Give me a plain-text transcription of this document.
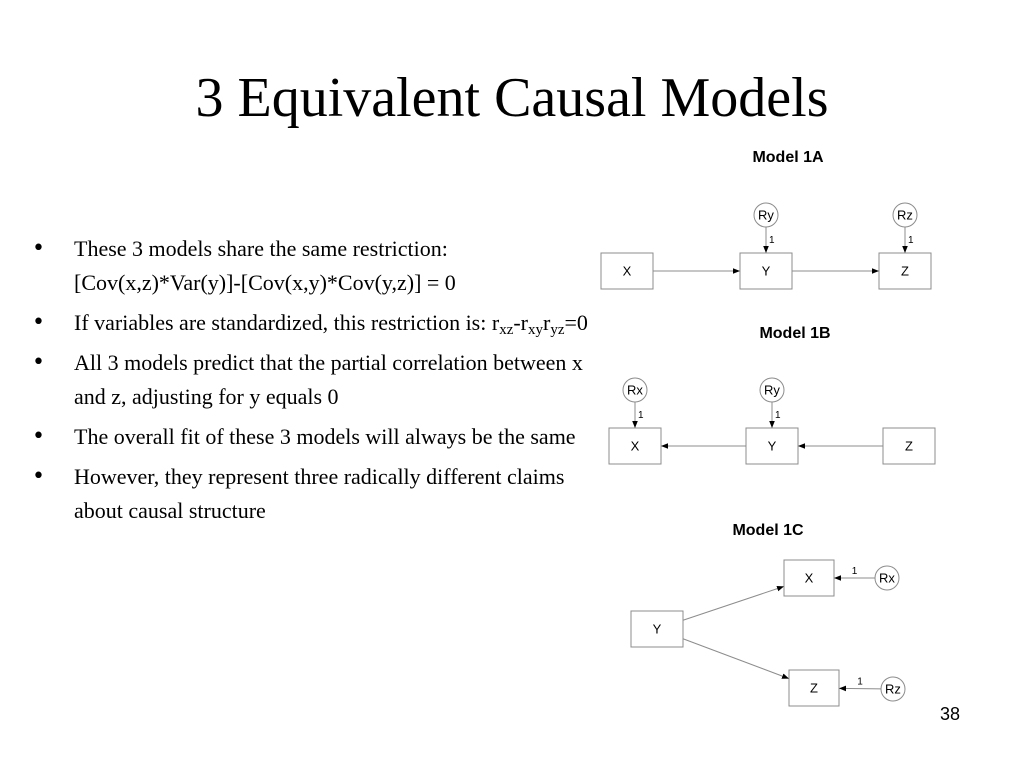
3 Equivalent Causal Models
•	These 3 models share the same restriction: [Cov(x,z)*Var(y)]-[Cov(x,y)*Cov(y,z)] = 0
•	If variables are standardized, this restriction is: $r_{xz}-r_{xy}r_{yz}=0$
•	All 3 models predict that the partial correlation between x and z, adjusting for y equals 0
•	The overall fit of these 3 models will always be the same
•	However, they represent three radically different claims about causal structure
Model 1A
1	1
X	Y	Z
Ry	Rz
Model 1B
1	1
X	Y	Z
Rx	Ry
Model 1C
1
1
Y
X
Z
Rx
Rz
38
